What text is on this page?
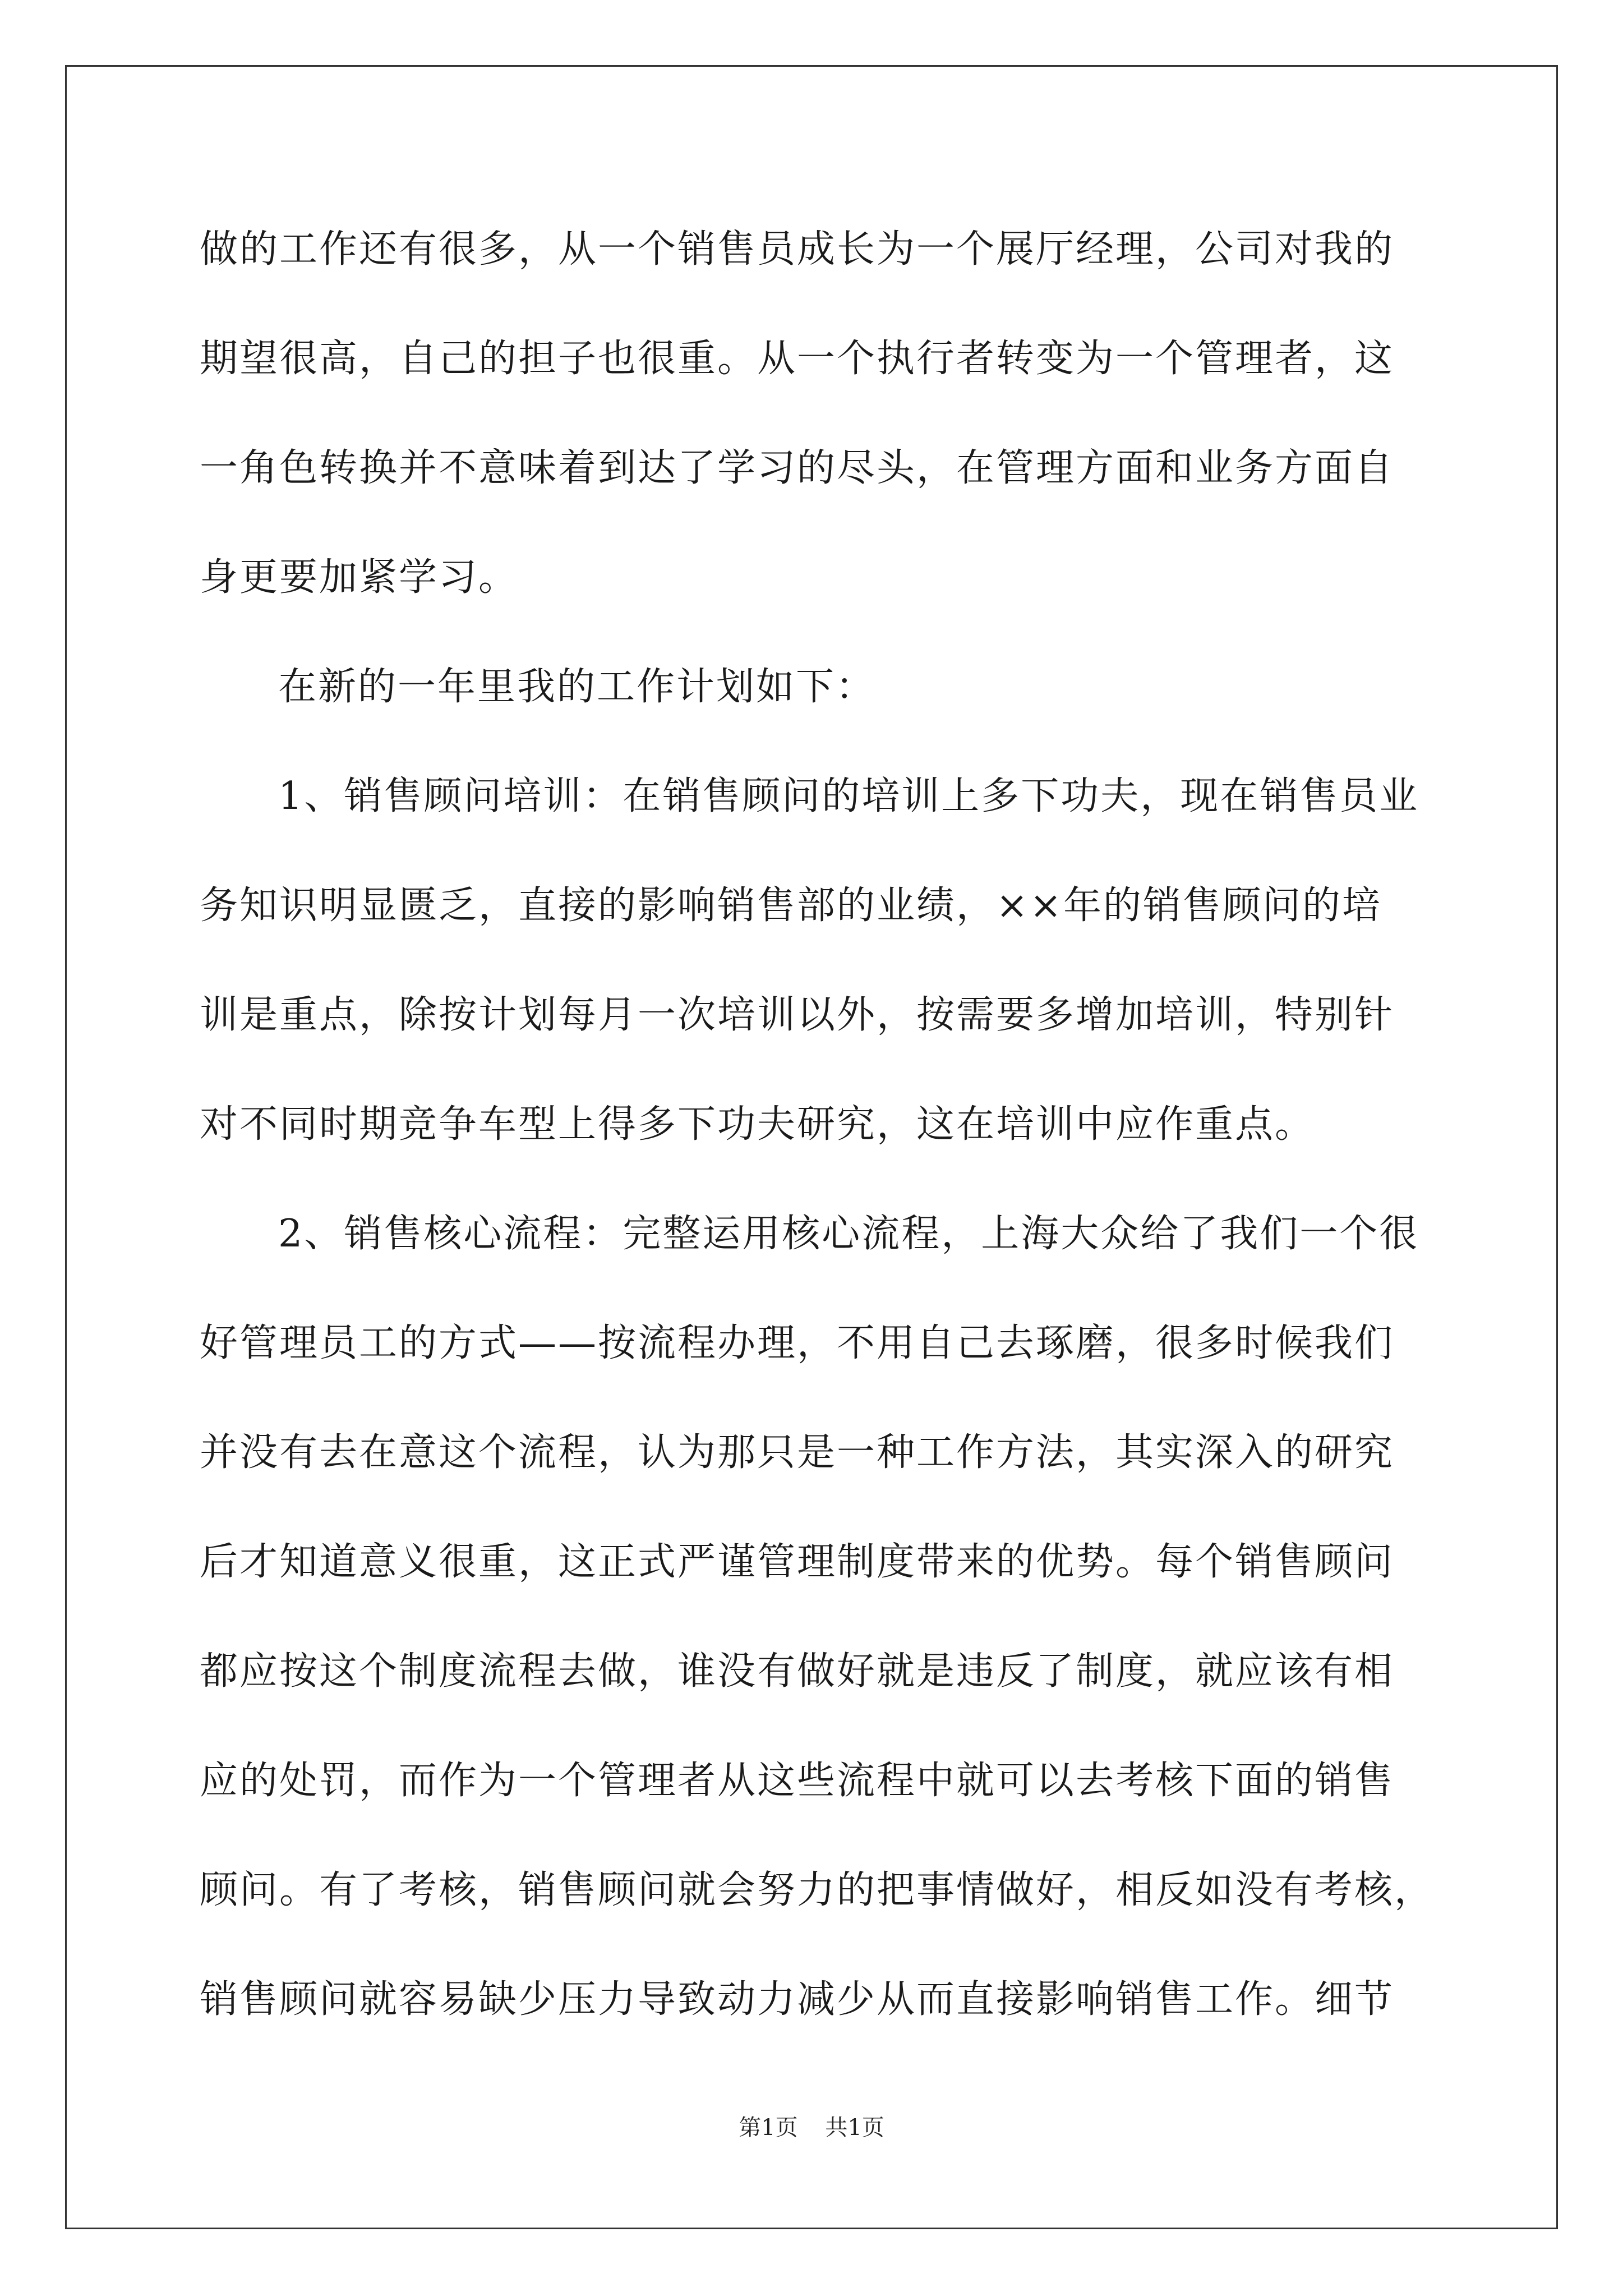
做的工作还有很多，从一个销售员成长为一个展厅经理，公司对我的
期望很高，自己的担子也很重。从一个执行者转变为一个管理者，这
一角色转换并不意味着到达了学习的尽头，在管理方面和业务方面自
身更要加紧学习。
在新的一年里我的工作计划如下：
1、销售顾问培训：在销售顾问的培训上多下功夫，现在销售员业
务知识明显匮乏，直接的影响销售部的业绩，××年的销售顾问的培
训是重点，除按计划每月一次培训以外，按需要多增加培训，特别针
对不同时期竞争车型上得多下功夫研究，这在培训中应作重点。
2、销售核心流程：完整运用核心流程，上海大众给了我们一个很
好管理员工的方式——按流程办理，不用自己去琢磨，很多时候我们
并没有去在意这个流程，认为那只是一种工作方法，其实深入的研究
后才知道意义很重，这正式严谨管理制度带来的优势。每个销售顾问
都应按这个制度流程去做，谁没有做好就是违反了制度，就应该有相
应的处罚，而作为一个管理者从这些流程中就可以去考核下面的销售
顾问。有了考核，销售顾问就会努力的把事情做好，相反如没有考核，
销售顾问就容易缺少压力导致动力减少从而直接影响销售工作。细节
第1页 共1页
